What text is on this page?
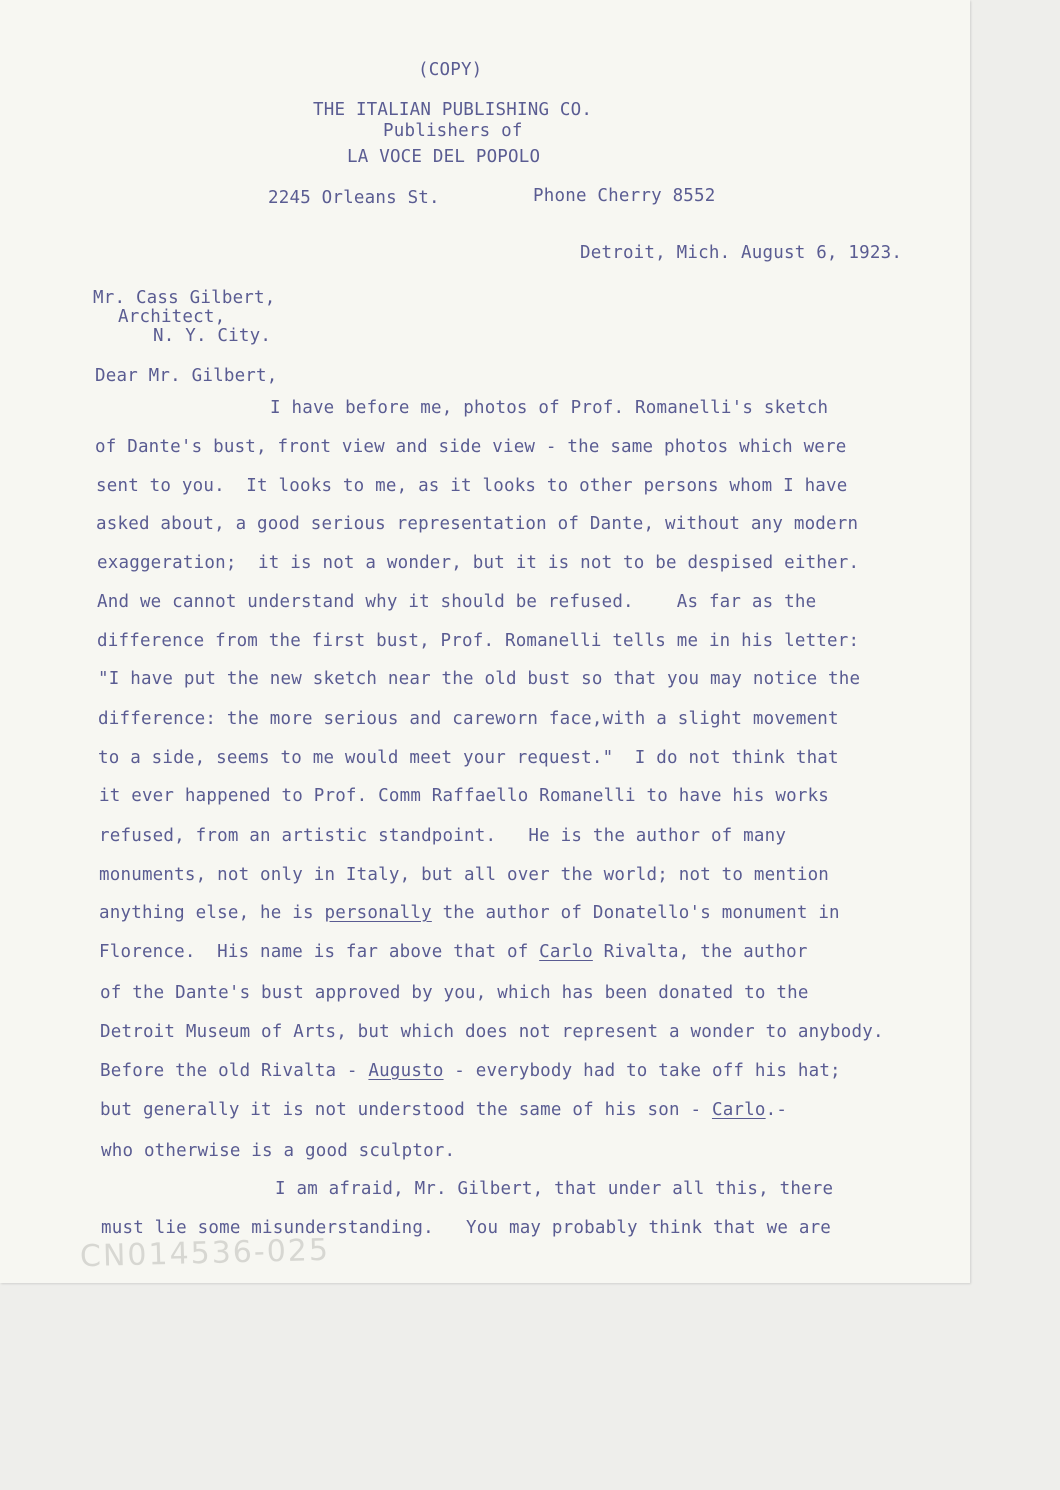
(COPY)
THE ITALIAN PUBLISHING CO.
Publishers of
LA VOCE DEL POPOLO
2245 Orleans St.	Phone Cherry 8552
Detroit, Mich. August 6, 1923.
Mr. Cass Gilbert,
Architect,
N. Y. City.
Dear Mr. Gilbert,
I have before me, photos of Prof. Romanelli's sketch
of Dante's bust, front view and side view - the same photos which were
sent to you.  It looks to me, as it looks to other persons whom I have
asked about, a good serious representation of Dante, without any modern
exaggeration;  it is not a wonder, but it is not to be despised either.
And we cannot understand why it should be refused.    As far as the
difference from the first bust, Prof. Romanelli tells me in his letter:
"I have put the new sketch near the old bust so that you may notice the
difference: the more serious and careworn face,with a slight movement
to a side, seems to me would meet your request."  I do not think that
it ever happened to Prof. Comm Raffaello Romanelli to have his works
refused, from an artistic standpoint.   He is the author of many
monuments, not only in Italy, but all over the world; not to mention
anything else, he is personally the author of Donatello's monument in
Florence.  His name is far above that of Carlo Rivalta, the author
of the Dante's bust approved by you, which has been donated to the
Detroit Museum of Arts, but which does not represent a wonder to anybody.
Before the old Rivalta - Augusto - everybody had to take off his hat;
but generally it is not understood the same of his son - Carlo.-
who otherwise is a good sculptor.
I am afraid, Mr. Gilbert, that under all this, there
must lie some misunderstanding.   You may probably think that we are
CN014536-025
